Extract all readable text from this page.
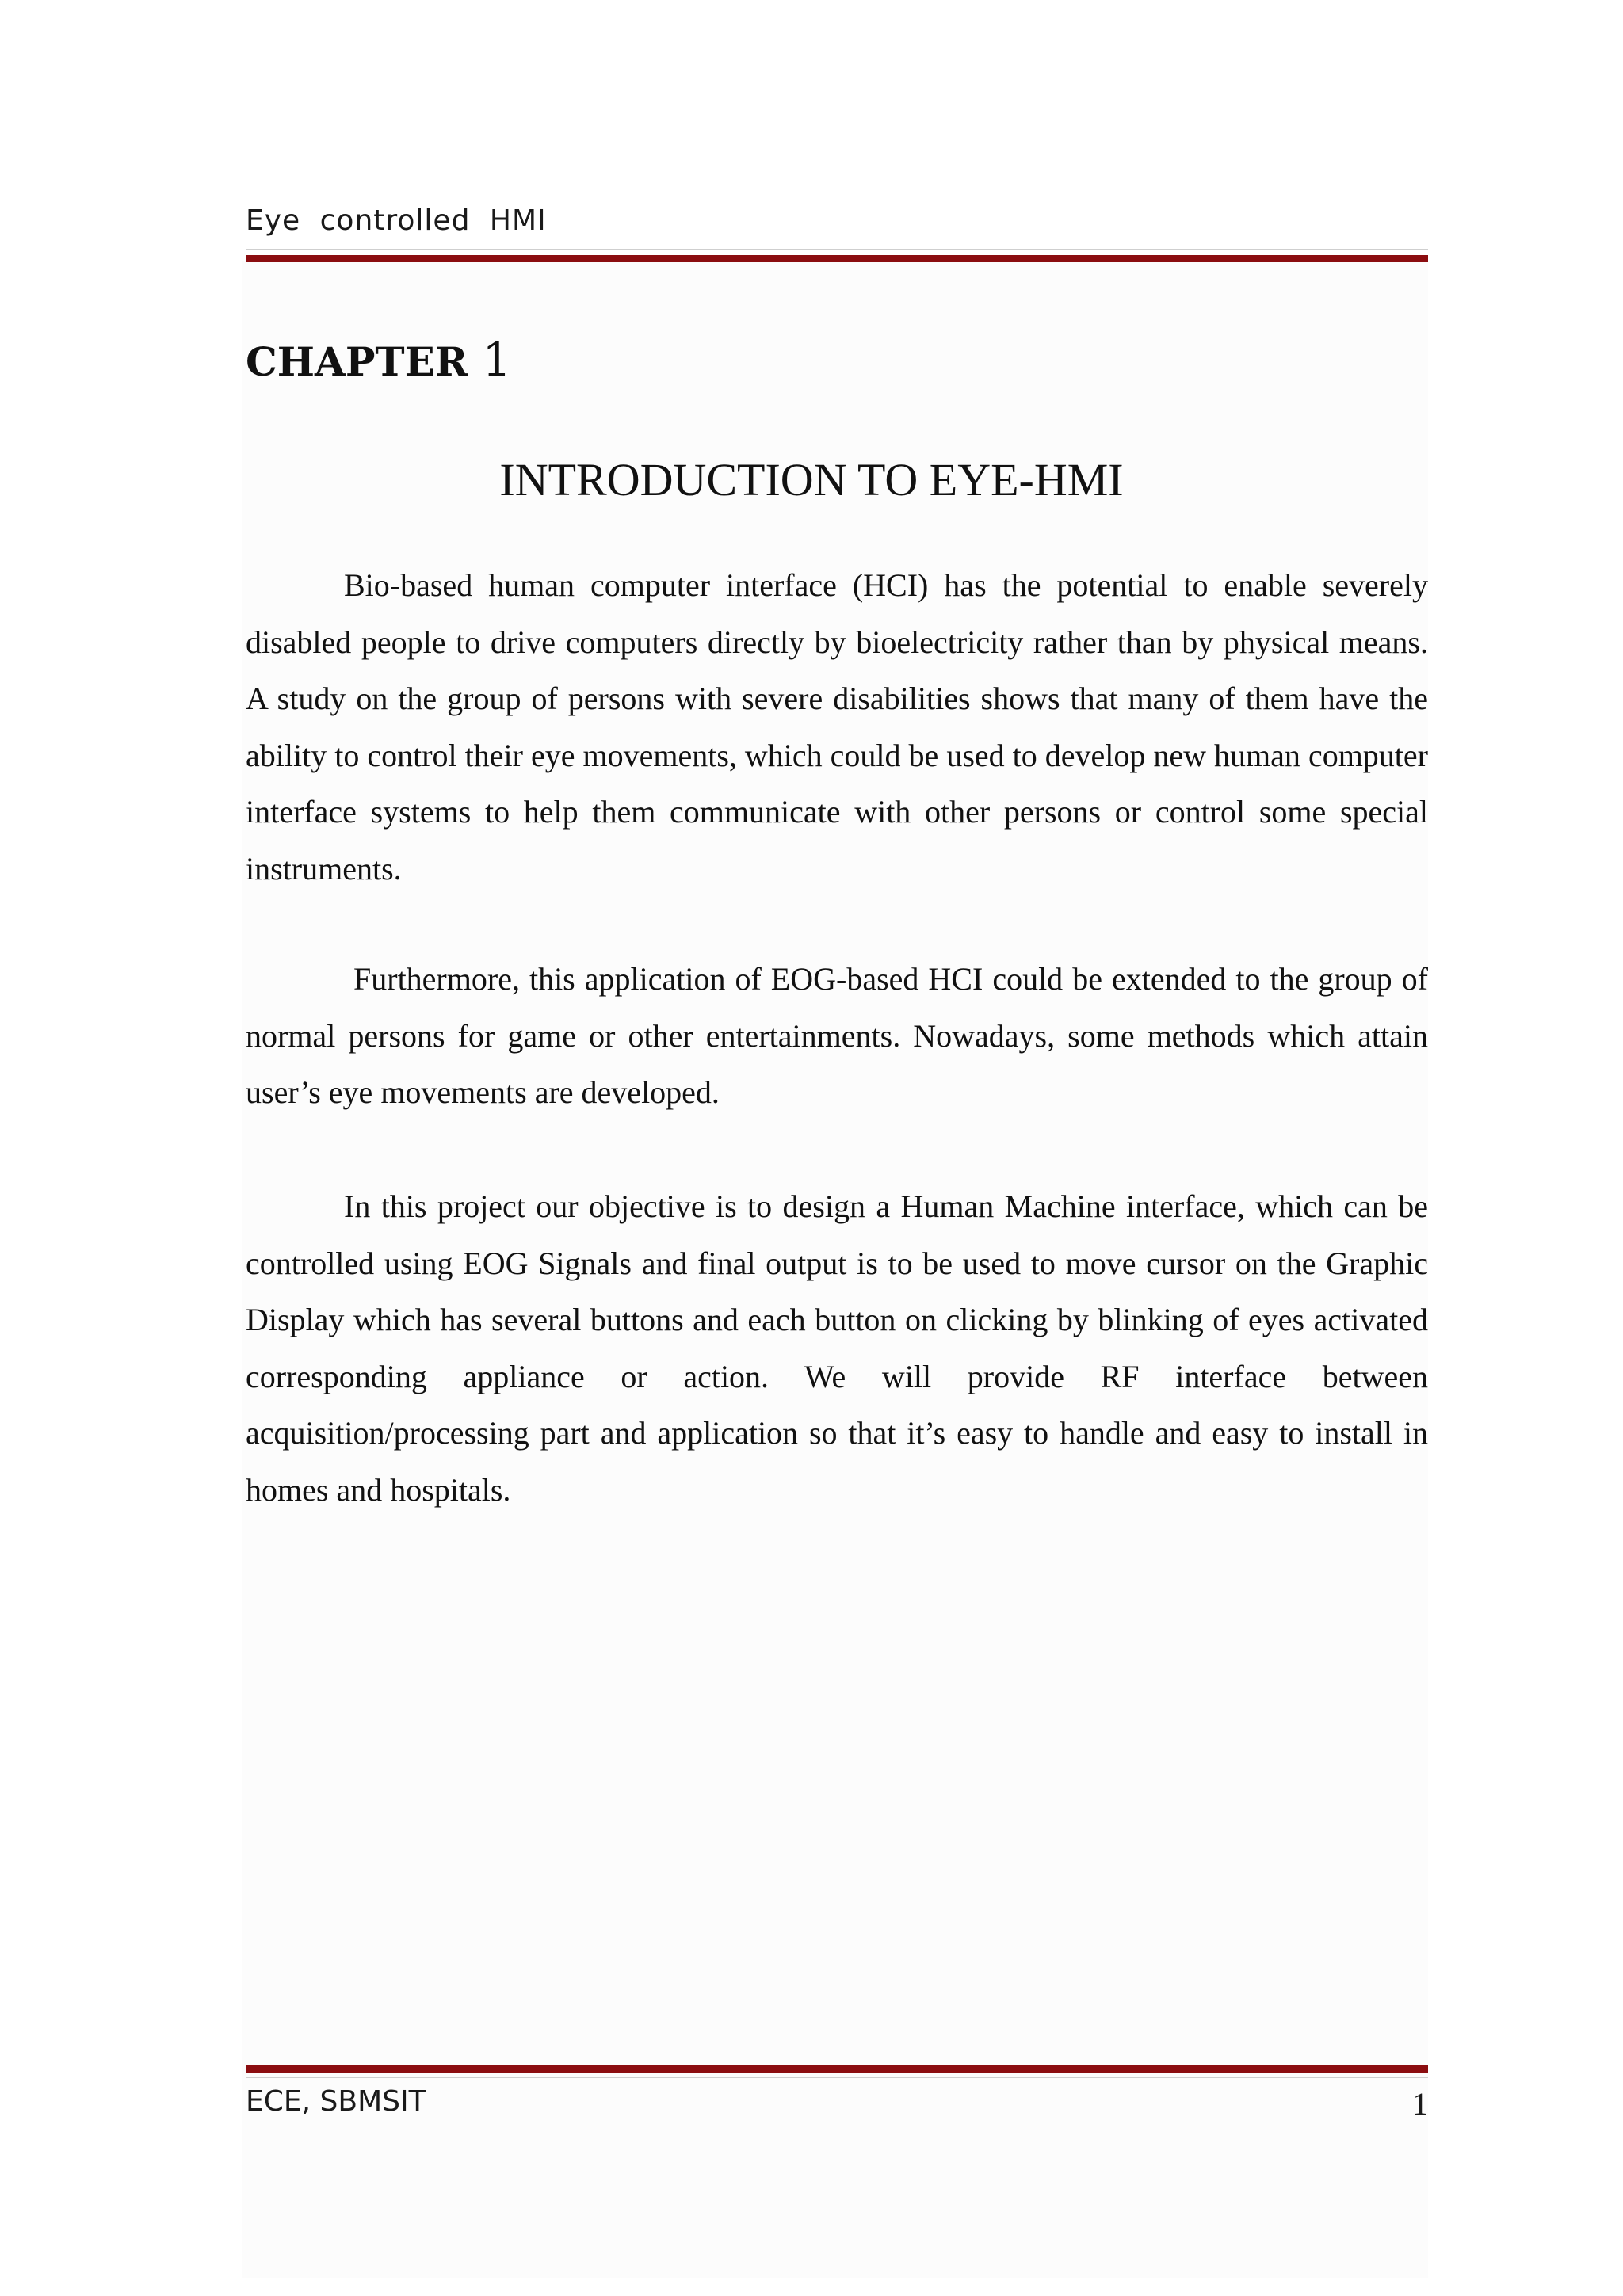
Eye controlled HMI
CHAPTER 1
INTRODUCTION TO EYE-HMI

Bio-based human computer interface (HCI) has the potential to enable severely disabled people to drive computers directly by bioelectricity rather than by physical means. A study on the group of persons with severe disabilities shows that many of them have the ability to control their eye movements, which could be used to develop new human computer interface systems to help them communicate with other persons or control some special instruments.

Furthermore, this application of EOG-based HCI could be extended to the group of normal persons for game or other entertainments. Nowadays, some methods which attain user’s eye movements are developed.

In this project our objective is to design a Human Machine interface, which can be controlled using EOG Signals and final output is to be used to move cursor on the Graphic Display which has several buttons and each button on clicking by blinking of eyes activated corresponding appliance or action. We will provide RF interface between acquisition/processing part and application so that it’s easy to handle and easy to install in homes and hospitals.

ECE, SBMSIT	1
